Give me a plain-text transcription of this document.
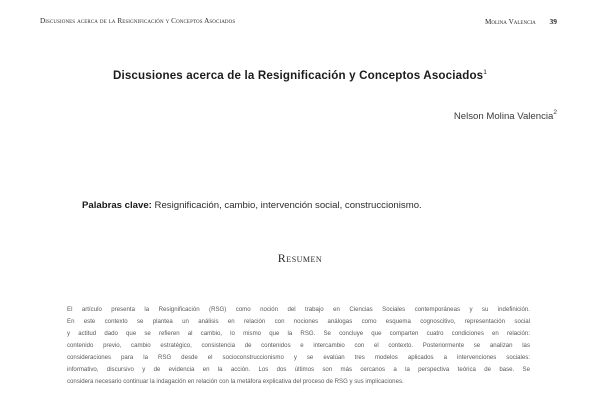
Discusiones acerca de la Resignificación y Conceptos Asociados	Molina Valencia 39
Discusiones acerca de la Resignificación y Conceptos Asociados$^1$
Nelson Molina Valencia$^2$
Palabras clave: Resignificación, cambio, intervención social, construccionismo.
Resumen
El artículo presenta la Resignificación (RSG) como noción del trabajo en Ciencias Sociales contemporáneas y su indefinición.
En este contexto se plantea un análisis en relación con nociones análogas como esquema cognoscitivo, representación social
y actitud dado que se refieren al cambio, lo mismo que la RSG. Se concluye que comparten cuatro condiciones en relación:
contenido previo, cambio estratégico, consistencia de contenidos e intercambio con el contexto. Posteriormente se analizan las
consideraciones para la RSG desde el socioconstruccionismo y se evalúan tres modelos aplicados a intervenciones sociales:
informativo, discursivo y de evidencia en la acción. Los dos últimos son más cercanos a la perspectiva teórica de base. Se
considera necesario continuar la indagación en relación con la metáfora explicativa del proceso de RSG y sus implicaciones.
